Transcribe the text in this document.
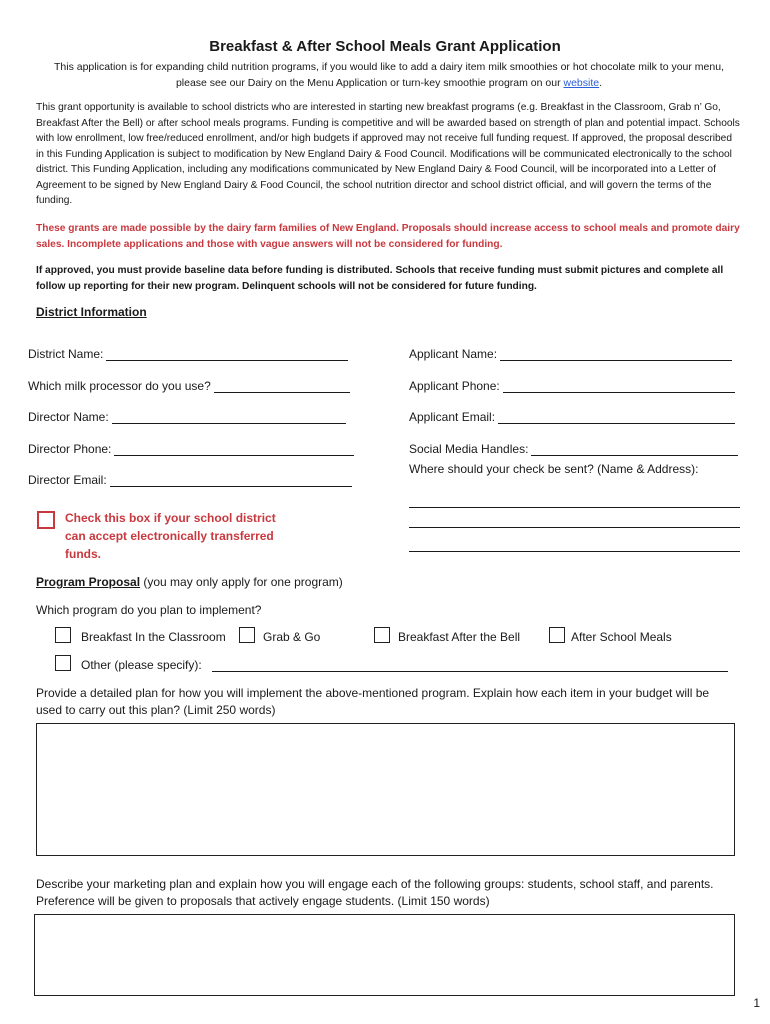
Breakfast & After School Meals Grant Application
This application is for expanding child nutrition programs, if you would like to add a dairy item milk smoothies or hot chocolate milk to your menu, please see our Dairy on the Menu Application or turn-key smoothie program on our website.
This grant opportunity is available to school districts who are interested in starting new breakfast programs (e.g. Breakfast in the Classroom, Grab n’ Go, Breakfast After the Bell) or after school meals programs. Funding is competitive and will be awarded based on strength of plan and potential impact. Schools with low enrollment, low free/reduced enrollment, and/or high budgets if approved may not receive full funding request. If approved, the proposal described in this Funding Application is subject to modification by New England Dairy & Food Council. Modifications will be communicated electronically to the school district. This Funding Application, including any modifications communicated by New England Dairy & Food Council, will be incorporated into a Letter of Agreement to be signed by New England Dairy & Food Council, the school nutrition director and school district official, and will govern the terms of the funding.
These grants are made possible by the dairy farm families of New England. Proposals should increase access to school meals and promote dairy sales. Incomplete applications and those with vague answers will not be considered for funding.
If approved, you must provide baseline data before funding is distributed. Schools that receive funding must submit pictures and complete all follow up reporting for their new program. Delinquent schools will not be considered for future funding.
District Information
District Name:
Which milk processor do you use?
Director Name:
Director Phone:
Director Email:
Applicant Name:
Applicant Phone:
Applicant Email:
Social Media Handles:
Where should your check be sent? (Name & Address):
Check this box if your school district can accept electronically transferred funds.
Program Proposal (you may only apply for one program)
Which program do you plan to implement?
Breakfast In the Classroom	Grab & Go	Breakfast After the Bell	After School Meals
Other (please specify):
Provide a detailed plan for how you will implement the above-mentioned program. Explain how each item in your budget will be used to carry out this plan? (Limit 250 words)
Describe your marketing plan and explain how you will engage each of the following groups: students, school staff, and parents. Preference will be given to proposals that actively engage students. (Limit 150 words)
1
